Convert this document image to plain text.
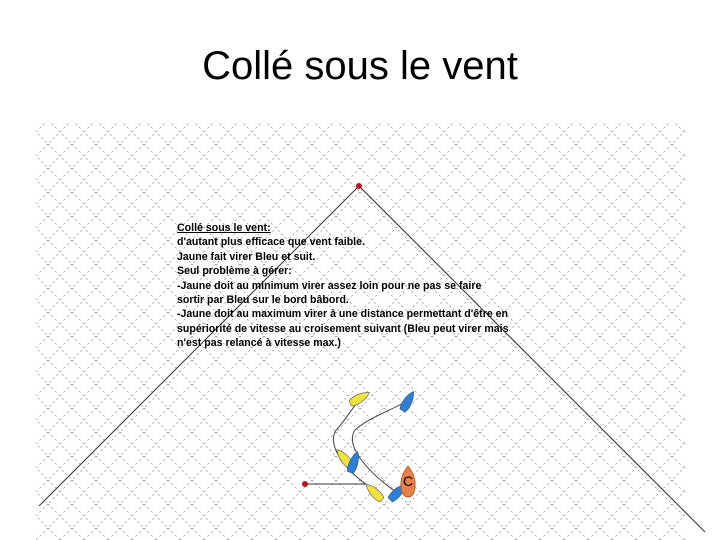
Collé sous le vent
C
Collé sous le vent:
d'autant plus efficace que vent faible.
Jaune fait virer Bleu et suit.
Seul problème à gérer:
-Jaune doit au minimum virer assez loin pour ne pas se faire
sortir par Bleu sur le bord bâbord.
-Jaune doit au maximum virer à une distance permettant d'être en
supériorité de vitesse au croisement suivant (Bleu peut virer mais
n'est pas relancé à vitesse max.)
